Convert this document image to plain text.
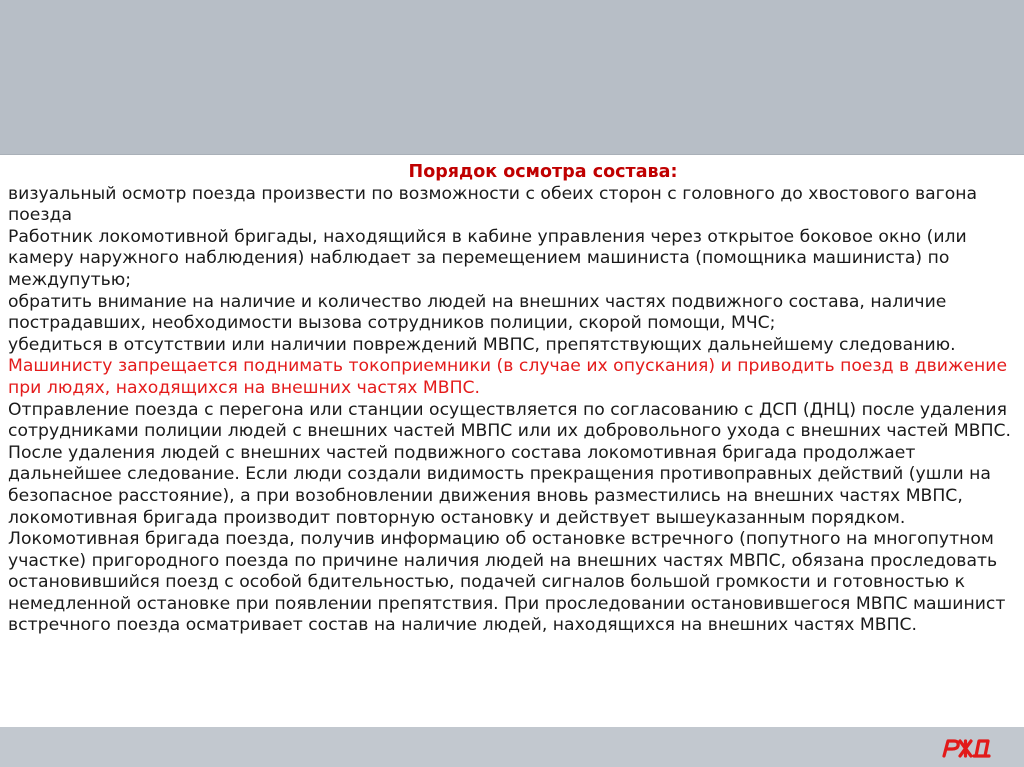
Порядок осмотра состава:

визуальный осмотр поезда произвести по возможности с обеих сторон с головного до хвостового вагона поезда

Работник локомотивной бригады, находящийся в кабине управления через открытое боковое окно (или камеру наружного наблюдения) наблюдает за перемещением машиниста (помощника машиниста) по междупутью;

обратить внимание на наличие и количество людей на внешних частях подвижного состава, наличие пострадавших, необходимости вызова сотрудников полиции, скорой помощи, МЧС;

убедиться в отсутствии или наличии повреждений МВПС, препятствующих дальнейшему следованию.

Машинисту запрещается поднимать токоприемники (в случае их опускания) и приводить поезд в движение при людях, находящихся на внешних частях МВПС.

Отправление поезда с перегона или станции осуществляется по согласованию с ДСП (ДНЦ) после удаления сотрудниками полиции людей с внешних частей МВПС или их добровольного ухода с внешних частей МВПС.

После удаления людей с внешних частей подвижного состава локомотивная бригада продолжает дальнейшее следование. Если люди создали видимость прекращения противоправных действий (ушли на безопасное расстояние), а при возобновлении движения вновь разместились на внешних частях МВПС, локомотивная бригада производит повторную остановку и действует вышеуказанным порядком.

Локомотивная бригада поезда, получив информацию об остановке встречного (попутного на многопутном участке) пригородного поезда по причине наличия людей на внешних частях МВПС, обязана проследовать остановившийся поезд с особой бдительностью, подачей сигналов большой громкости и готовностью к немедленной остановке при появлении препятствия. При проследовании остановившегося МВПС машинист встречного поезда осматривает состав на наличие людей, находящихся на внешних частях МВПС.
